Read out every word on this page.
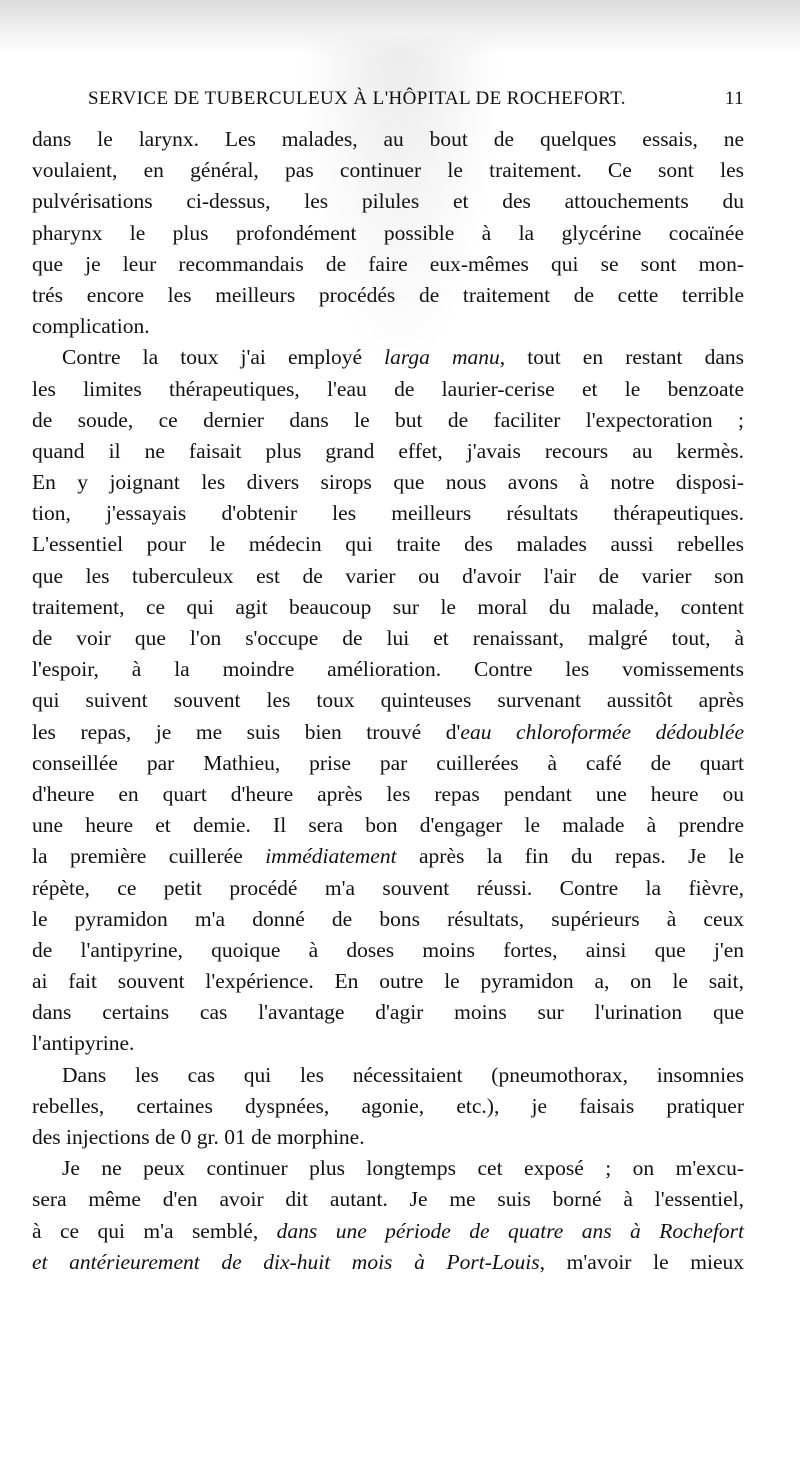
SERVICE DE TUBERCULEUX À L'HÔPITAL DE ROCHEFORT.	11
dans le larynx. Les malades, au bout de quelques essais, ne
voulaient, en général, pas continuer le traitement. Ce sont les
pulvérisations ci-dessus, les pilules et des attouchements du
pharynx le plus profondément possible à la glycérine cocaïnée
que je leur recommandais de faire eux-mêmes qui se sont mon-
trés encore les meilleurs procédés de traitement de cette terrible
complication.
Contre la toux j'ai employé larga manu, tout en restant dans
les limites thérapeutiques, l'eau de laurier-cerise et le benzoate
de soude, ce dernier dans le but de faciliter l'expectoration ;
quand il ne faisait plus grand effet, j'avais recours au kermès.
En y joignant les divers sirops que nous avons à notre disposi-
tion, j'essayais d'obtenir les meilleurs résultats thérapeutiques.
L'essentiel pour le médecin qui traite des malades aussi rebelles
que les tuberculeux est de varier ou d'avoir l'air de varier son
traitement, ce qui agit beaucoup sur le moral du malade, content
de voir que l'on s'occupe de lui et renaissant, malgré tout, à
l'espoir, à la moindre amélioration. Contre les vomissements
qui suivent souvent les toux quinteuses survenant aussitôt après
les repas, je me suis bien trouvé d'eau chloroformée dédoublée
conseillée par Mathieu, prise par cuillerées à café de quart
d'heure en quart d'heure après les repas pendant une heure ou
une heure et demie. Il sera bon d'engager le malade à prendre
la première cuillerée immédiatement après la fin du repas. Je le
répète, ce petit procédé m'a souvent réussi. Contre la fièvre,
le pyramidon m'a donné de bons résultats, supérieurs à ceux
de l'antipyrine, quoique à doses moins fortes, ainsi que j'en
ai fait souvent l'expérience. En outre le pyramidon a, on le sait,
dans certains cas l'avantage d'agir moins sur l'urination que
l'antipyrine.
Dans les cas qui les nécessitaient (pneumothorax, insomnies
rebelles, certaines dyspnées, agonie, etc.), je faisais pratiquer
des injections de 0 gr. 01 de morphine.
Je ne peux continuer plus longtemps cet exposé ; on m'excu-
sera même d'en avoir dit autant. Je me suis borné à l'essentiel,
à ce qui m'a semblé, dans une période de quatre ans à Rochefort
et antérieurement de dix-huit mois à Port-Louis, m'avoir le mieux
